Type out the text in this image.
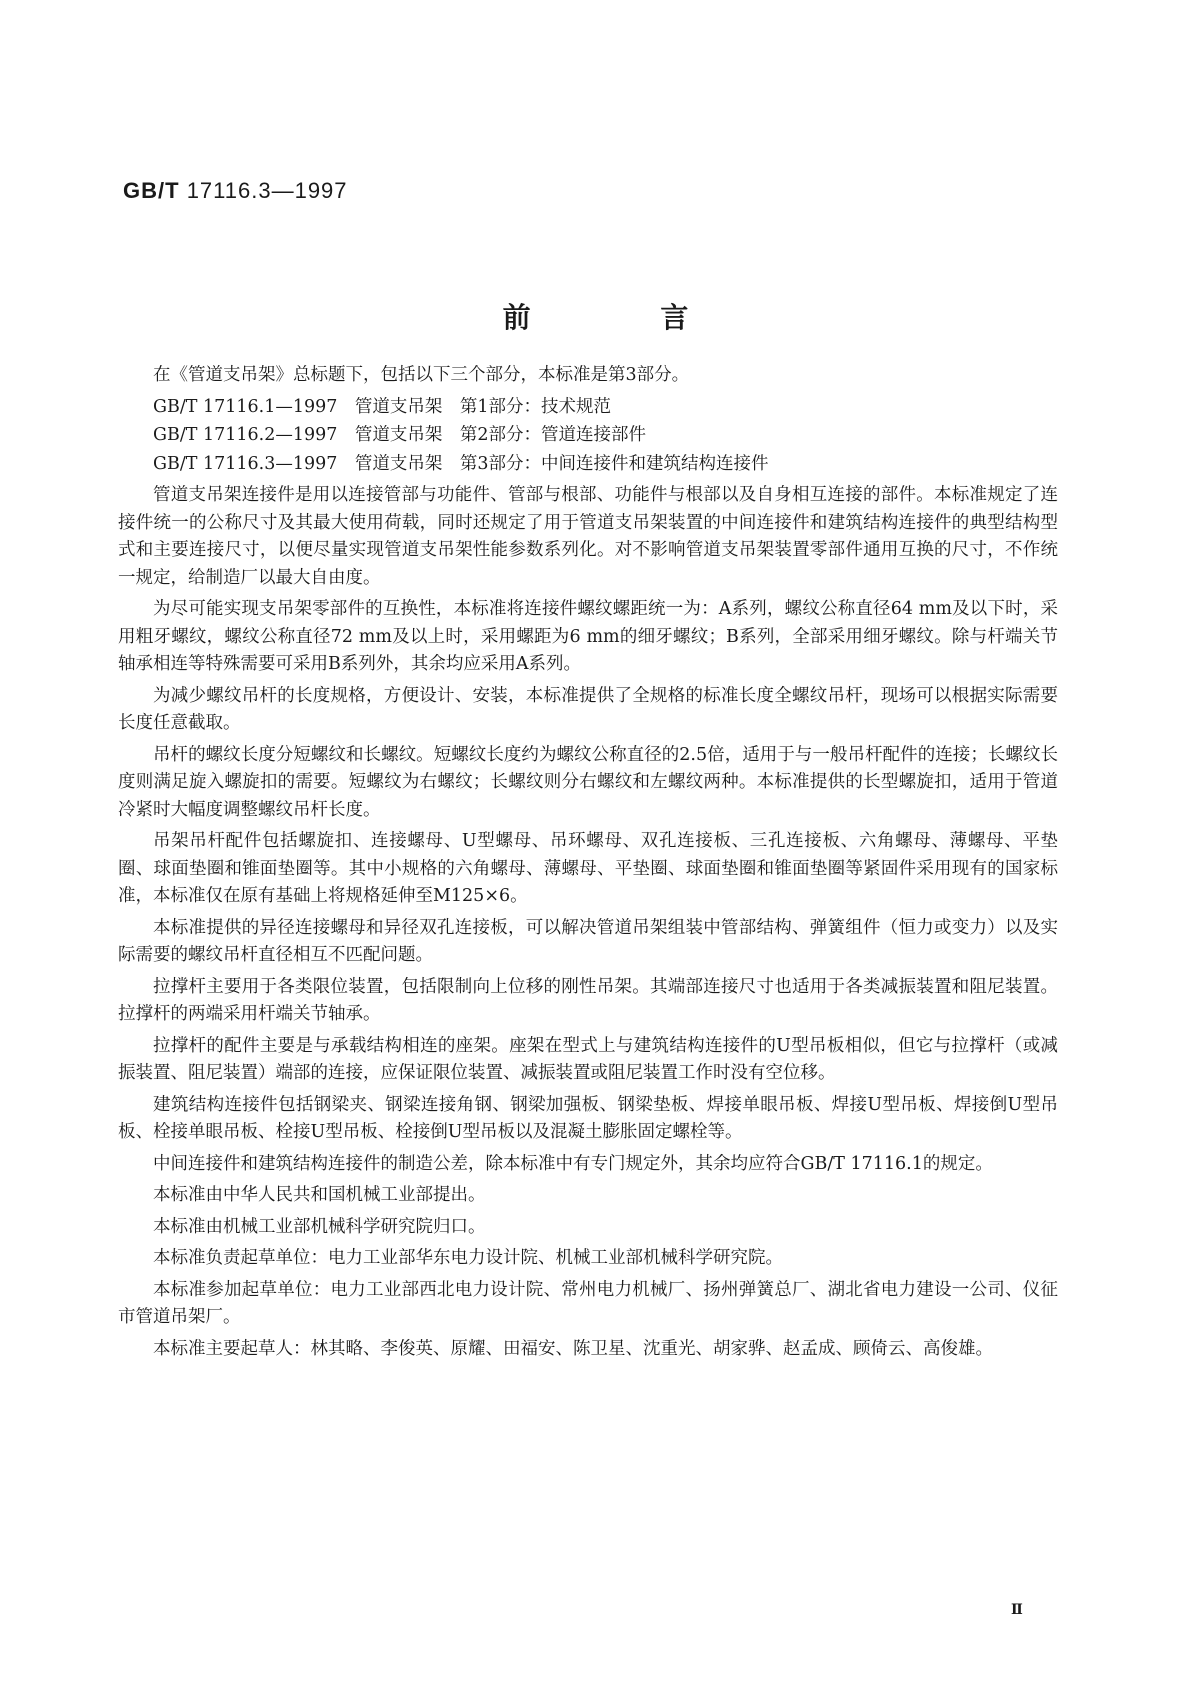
GB/T 17116.3—1997
前 言

在《管道支吊架》总标题下，包括以下三个部分，本标准是第3部分。

GB/T 17116.1—1997　管道支吊架　第1部分：技术规范

GB/T 17116.2—1997　管道支吊架　第2部分：管道连接部件

GB/T 17116.3—1997　管道支吊架　第3部分：中间连接件和建筑结构连接件

管道支吊架连接件是用以连接管部与功能件、管部与根部、功能件与根部以及自身相互连接的部件。本标准规定了连接件统一的公称尺寸及其最大使用荷载，同时还规定了用于管道支吊架装置的中间连接件和建筑结构连接件的典型结构型式和主要连接尺寸，以便尽量实现管道支吊架性能参数系列化。对不影响管道支吊架装置零部件通用互换的尺寸，不作统一规定，给制造厂以最大自由度。

为尽可能实现支吊架零部件的互换性，本标准将连接件螺纹螺距统一为：A系列，螺纹公称直径64 mm及以下时，采用粗牙螺纹，螺纹公称直径72 mm及以上时，采用螺距为6 mm的细牙螺纹；B系列，全部采用细牙螺纹。除与杆端关节轴承相连等特殊需要可采用B系列外，其余均应采用A系列。

为减少螺纹吊杆的长度规格，方便设计、安装，本标准提供了全规格的标准长度全螺纹吊杆，现场可以根据实际需要长度任意截取。

吊杆的螺纹长度分短螺纹和长螺纹。短螺纹长度约为螺纹公称直径的2.5倍，适用于与一般吊杆配件的连接；长螺纹长度则满足旋入螺旋扣的需要。短螺纹为右螺纹；长螺纹则分右螺纹和左螺纹两种。本标准提供的长型螺旋扣，适用于管道冷紧时大幅度调整螺纹吊杆长度。

吊架吊杆配件包括螺旋扣、连接螺母、U型螺母、吊环螺母、双孔连接板、三孔连接板、六角螺母、薄螺母、平垫圈、球面垫圈和锥面垫圈等。其中小规格的六角螺母、薄螺母、平垫圈、球面垫圈和锥面垫圈等紧固件采用现有的国家标准，本标准仅在原有基础上将规格延伸至M125×6。

本标准提供的异径连接螺母和异径双孔连接板，可以解决管道吊架组装中管部结构、弹簧组件（恒力或变力）以及实际需要的螺纹吊杆直径相互不匹配问题。

拉撑杆主要用于各类限位装置，包括限制向上位移的刚性吊架。其端部连接尺寸也适用于各类减振装置和阻尼装置。拉撑杆的两端采用杆端关节轴承。

拉撑杆的配件主要是与承载结构相连的座架。座架在型式上与建筑结构连接件的U型吊板相似，但它与拉撑杆（或减振装置、阻尼装置）端部的连接，应保证限位装置、减振装置或阻尼装置工作时没有空位移。

建筑结构连接件包括钢梁夹、钢梁连接角钢、钢梁加强板、钢梁垫板、焊接单眼吊板、焊接U型吊板、焊接倒U型吊板、栓接单眼吊板、栓接U型吊板、栓接倒U型吊板以及混凝土膨胀固定螺栓等。

中间连接件和建筑结构连接件的制造公差，除本标准中有专门规定外，其余均应符合GB/T 17116.1的规定。

本标准由中华人民共和国机械工业部提出。

本标准由机械工业部机械科学研究院归口。

本标准负责起草单位：电力工业部华东电力设计院、机械工业部机械科学研究院。

本标准参加起草单位：电力工业部西北电力设计院、常州电力机械厂、扬州弹簧总厂、湖北省电力建设一公司、仪征市管道吊架厂。

本标准主要起草人：林其略、李俊英、原耀、田福安、陈卫星、沈重光、胡家骅、赵孟成、顾倚云、高俊雄。

Ⅱ
